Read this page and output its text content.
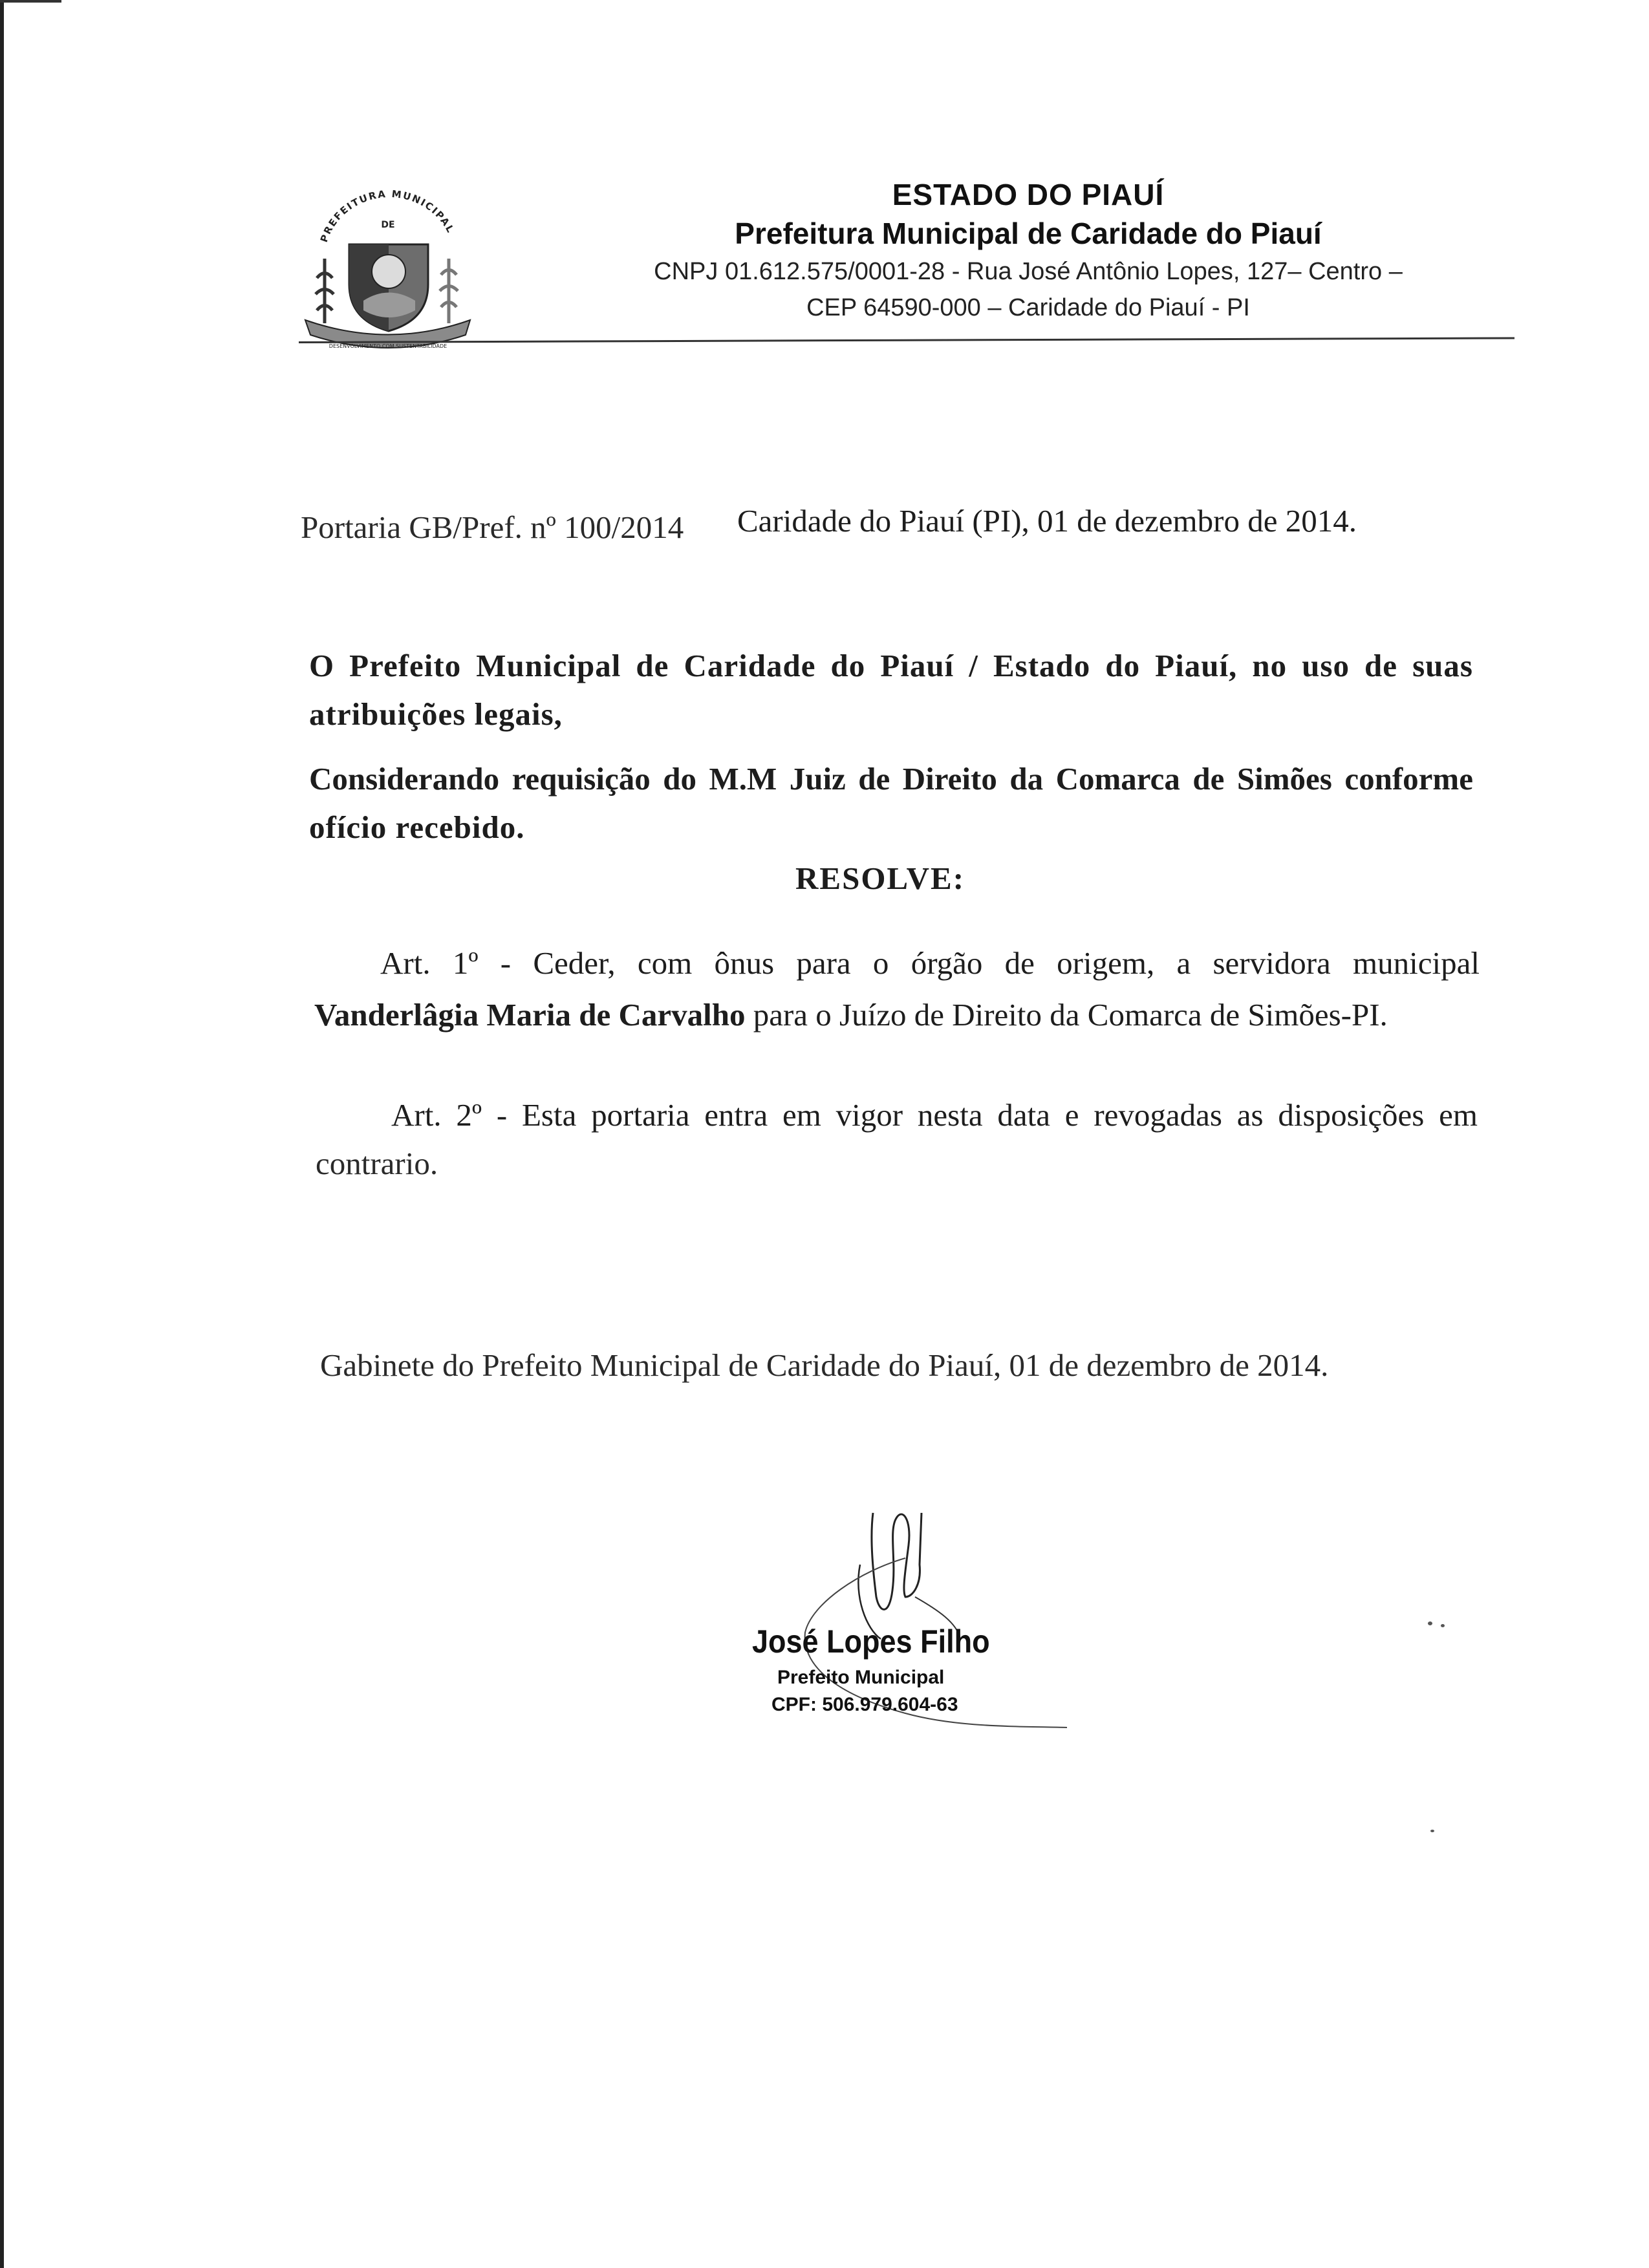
PREFEITURA MUNICIPAL
DE
DESENVOLVIMENTO COM SUSTENTABILIDADE
ESTADO DO PIAUÍ
Prefeitura Municipal de Caridade do Piauí
CNPJ 01.612.575/0001-28 - Rua José Antônio Lopes, 127– Centro –
CEP 64590-000 – Caridade do Piauí - PI
Portaria GB/Pref. nº 100/2014 Caridade do Piauí (PI), 01 de dezembro de 2014.
O Prefeito Municipal de Caridade do Piauí / Estado do Piauí, no uso de suas
atribuições legais,
Considerando requisição do M.M Juiz de Direito da Comarca de Simões conforme
ofício recebido.
RESOLVE:
Art. 1º - Ceder, com ônus para o órgão de origem, a servidora municipal
Vanderlâgia Maria de Carvalho para o Juízo de Direito da Comarca de Simões-PI.
Art. 2º - Esta portaria entra em vigor nesta data e revogadas as disposições em
contrario.
Gabinete do Prefeito Municipal de Caridade do Piauí, 01 de dezembro de 2014.
José Lopes Filho
Prefeito Municipal
CPF: 506.979.604-63
